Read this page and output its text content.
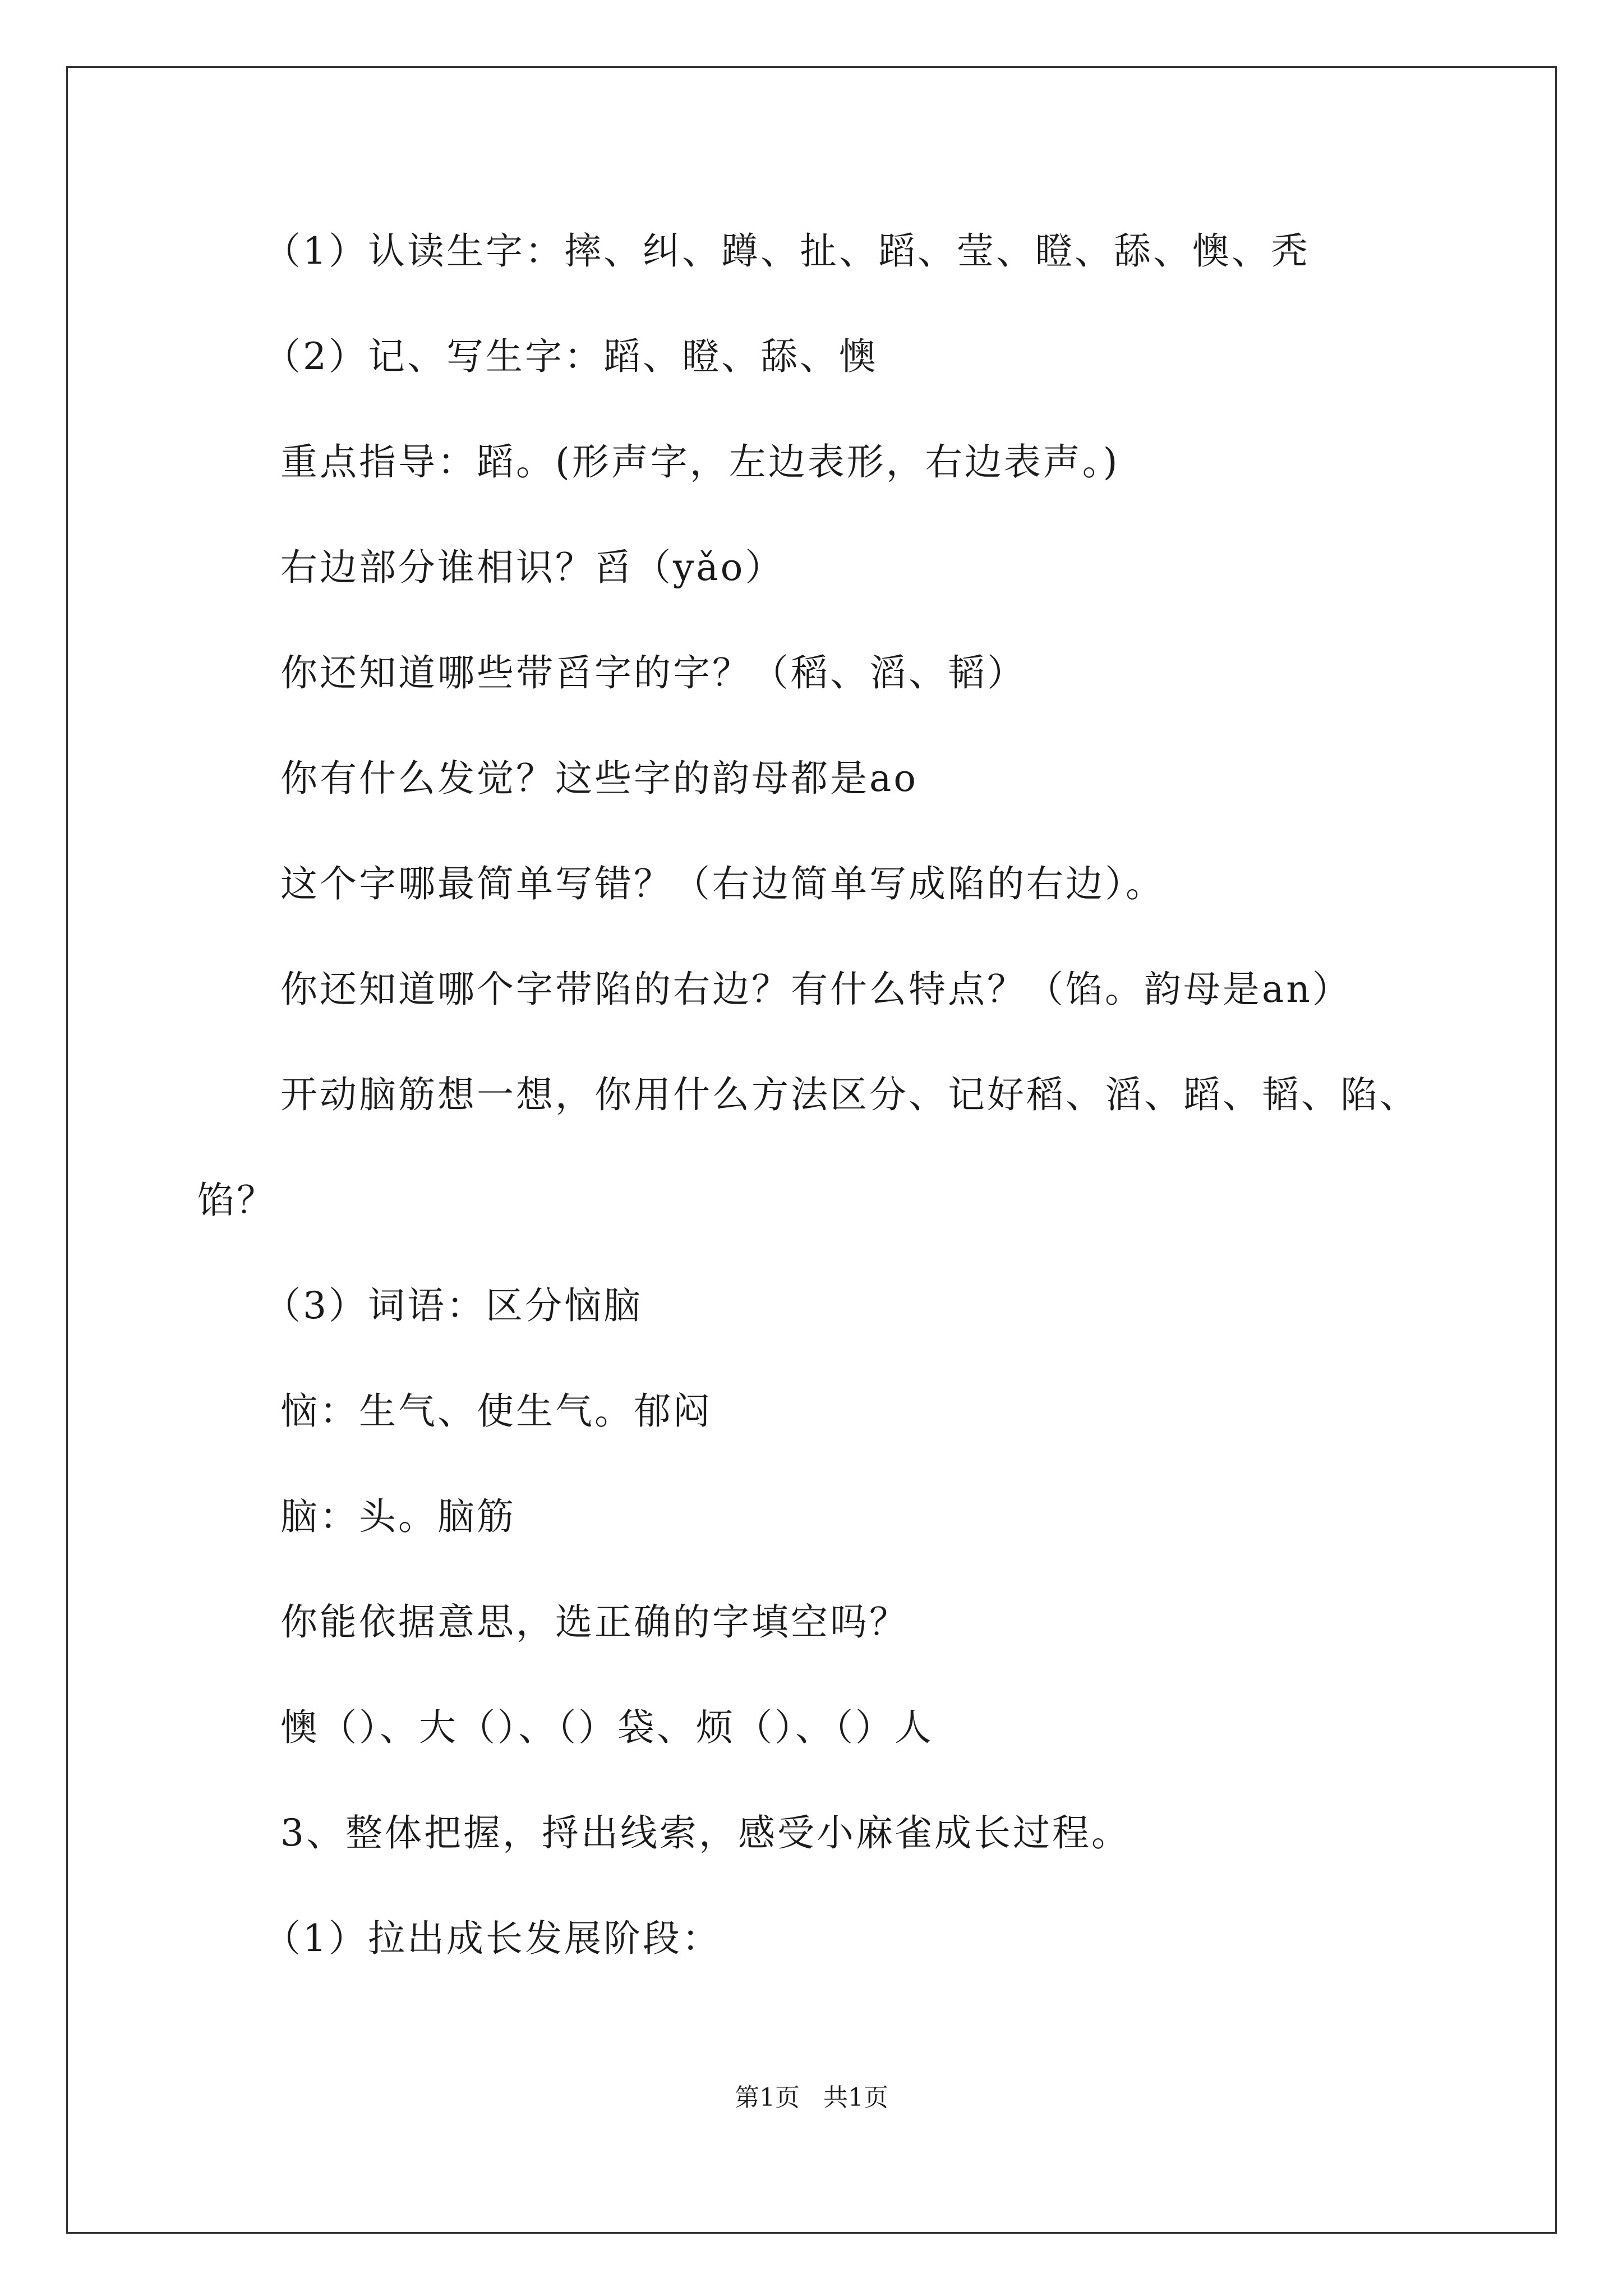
（1）认读生字：摔、纠、蹲、扯、蹈、莹、瞪、舔、懊、秃
（2）记、写生字：蹈、瞪、舔、懊
重点指导：蹈。(形声字，左边表形，右边表声。)
右边部分谁相识？舀（yǎo）
你还知道哪些带舀字的字？（稻、滔、韬）
你有什么发觉？这些字的韵母都是ao
这个字哪最简单写错？（右边简单写成陷的右边）。
你还知道哪个字带陷的右边？有什么特点？（馅。韵母是an）
开动脑筋想一想，你用什么方法区分、记好稻、滔、蹈、韬、陷、
馅？
（3）词语：区分恼脑
恼：生气、使生气。郁闷
脑：头。脑筋
你能依据意思，选正确的字填空吗？
懊（）、大（）、（）袋、烦（）、（）人
3、整体把握，捋出线索，感受小麻雀成长过程。
（1）拉出成长发展阶段：
第1页   共1页
